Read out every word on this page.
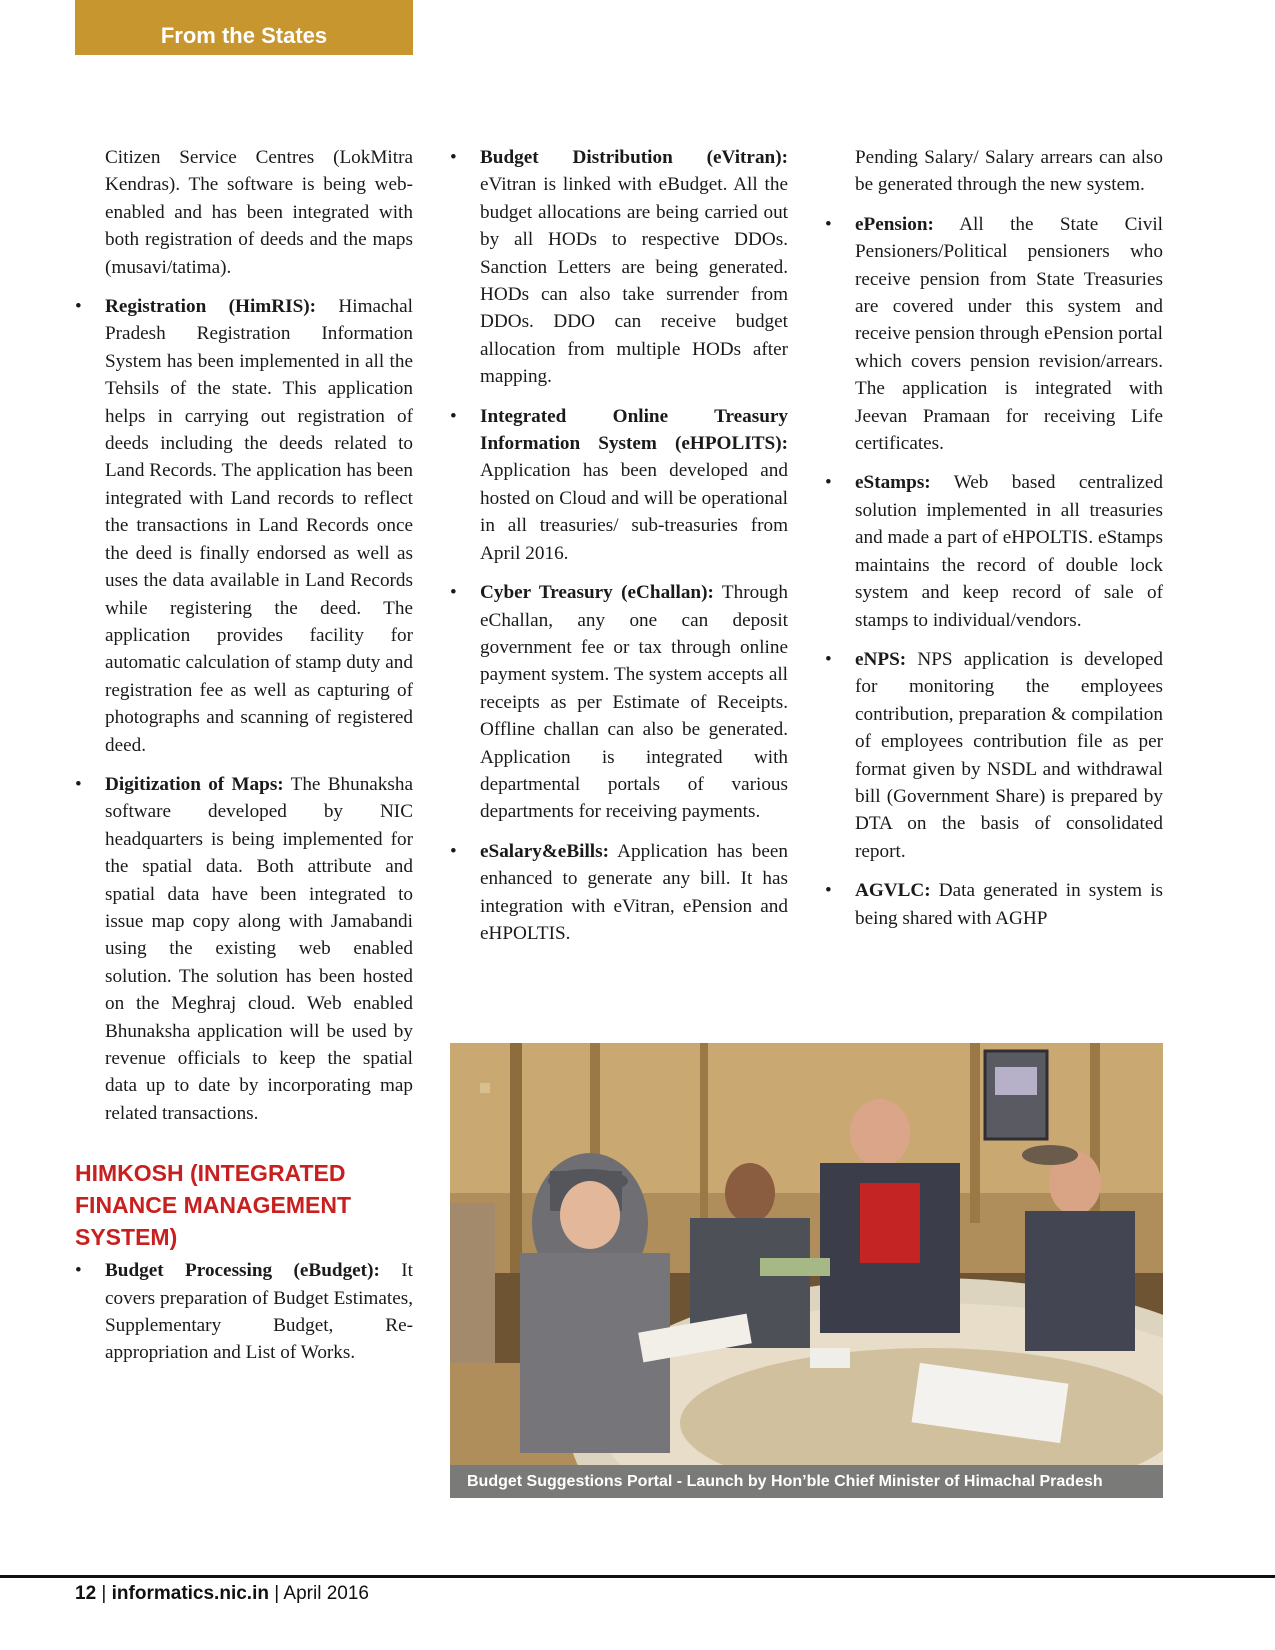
From the States

Citizen Service Centres (LokMitra Kendras). The software is being web-enabled and has been integrated with both registration of deeds and the maps (musavi/tatima).

• Registration (HimRIS): Himachal Pradesh Registration Information System has been implemented in all the Tehsils of the state. This application helps in carrying out registration of deeds including the deeds related to Land Records. The application has been integrated with Land records to reflect the transactions in Land Records once the deed is finally endorsed as well as uses the data available in Land Records while registering the deed. The application provides facility for automatic calculation of stamp duty and registration fee as well as capturing of photographs and scanning of registered deed.
• Digitization of Maps: The Bhunaksha software developed by NIC headquarters is being implemented for the spatial data. Both attribute and spatial data have been integrated to issue map copy along with Jamabandi using the existing web enabled solution. The solution has been hosted on the Meghraj cloud. Web enabled Bhunaksha application will be used by revenue officials to keep the spatial data up to date by incorporating map related transactions.
HIMKOSH (INTEGRATED FINANCE MANAGEMENT SYSTEM)
• Budget Processing (eBudget): It covers preparation of Budget Estimates, Supplementary Budget, Re-appropriation and List of Works.
• Budget Distribution (eVitran): eVitran is linked with eBudget. All the budget allocations are being carried out by all HODs to respective DDOs. Sanction Letters are being generated. HODs can also take surrender from DDOs. DDO can receive budget allocation from multiple HODs after mapping.
• Integrated Online Treasury Information System (eHPOLITS): Application has been developed and hosted on Cloud and will be operational in all treasuries/ sub-treasuries from April 2016.
• Cyber Treasury (eChallan): Through eChallan, any one can deposit government fee or tax through online payment system. The system accepts all receipts as per Estimate of Receipts. Offline challan can also be generated. Application is integrated with departmental portals of various departments for receiving payments.
• eSalary&eBills: Application has been enhanced to generate any bill. It has integration with eVitran, ePension and eHPOLTIS.

Pending Salary/ Salary arrears can also be generated through the new system.

• ePension: All the State Civil Pensioners/Political pensioners who receive pension from State Treasuries are covered under this system and receive pension through ePension portal which covers pension revision/arrears. The application is integrated with Jeevan Pramaan for receiving Life certificates.
• eStamps: Web based centralized solution implemented in all treasuries and made a part of eHPOLTIS. eStamps maintains the record of double lock system and keep record of sale of stamps to individual/vendors.
• eNPS: NPS application is developed for monitoring the employees contribution, preparation & compilation of employees contribution file as per format given by NSDL and withdrawal bill (Government Share) is prepared by DTA on the basis of consolidated report.
• AGVLC: Data generated in system is being shared with AGHP
Budget Suggestions Portal - Launch by Hon’ble Chief Minister of Himachal Pradesh
12 | informatics.nic.in | April 2016
